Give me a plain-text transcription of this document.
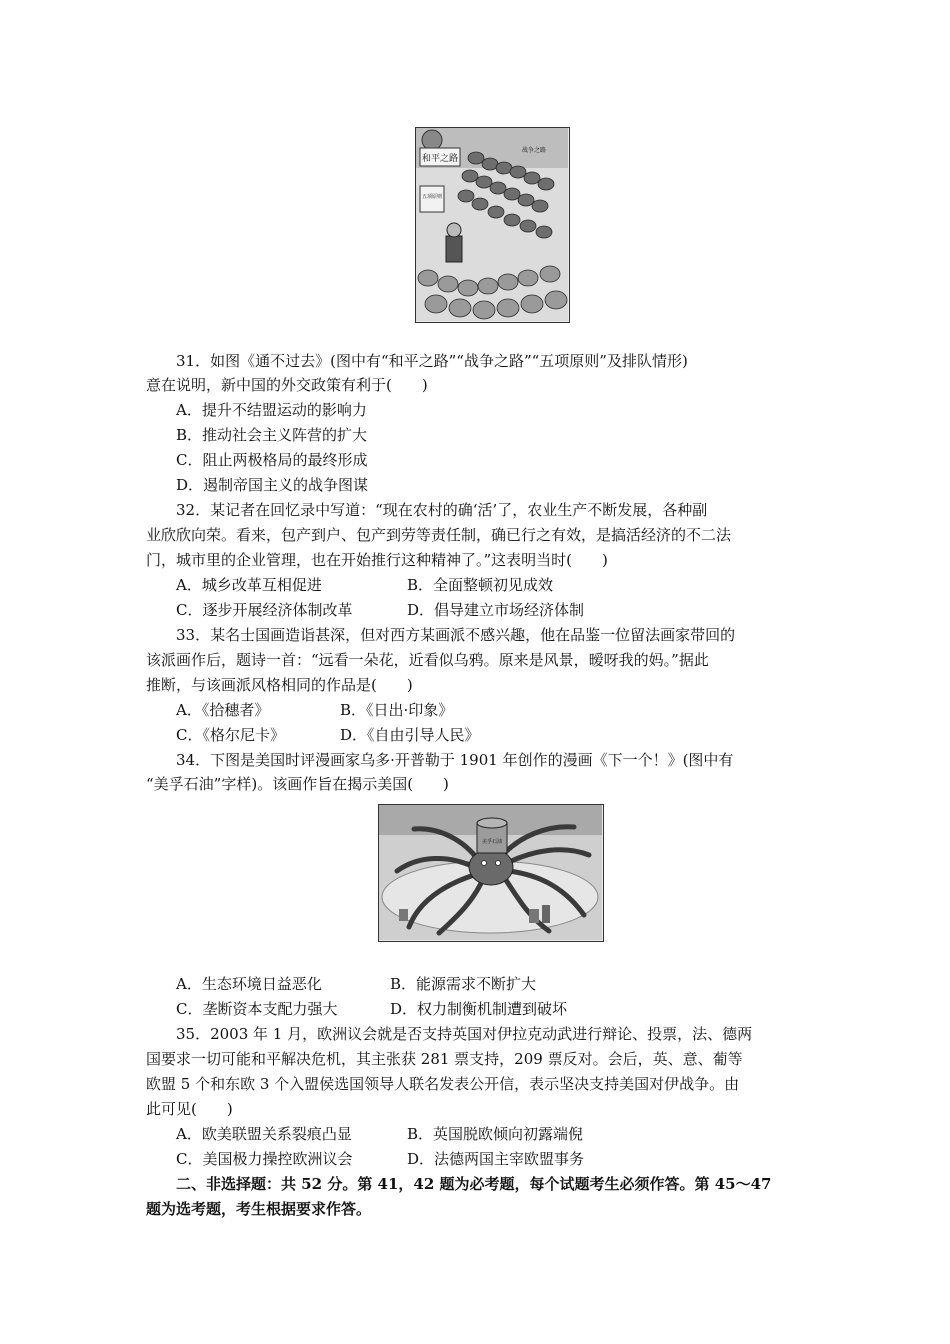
和平之路
五项原则
战争之路
31．如图《通不过去》(图中有“和平之路”“战争之路”“五项原则”及排队情形)
意在说明，新中国的外交政策有利于(　　)
A．提升不结盟运动的影响力
B．推动社会主义阵营的扩大
C．阻止两极格局的最终形成
D．遏制帝国主义的战争图谋
32．某记者在回忆录中写道：“现在农村的确‘活’了，农业生产不断发展，各种副
业欣欣向荣。看来，包产到户、包产到劳等责任制，确已行之有效，是搞活经济的不二法
门，城市里的企业管理，也在开始推行这种精神了。”这表明当时(　　)
A．城乡改革互相促进	B．全面整顿初见成效
C．逐步开展经济体制改革	D．倡导建立市场经济体制
33．某名士国画造诣甚深，但对西方某画派不感兴趣，他在品鉴一位留法画家带回的
该派画作后，题诗一首：“远看一朵花，近看似乌鸦。原来是风景，暧呀我的妈。”据此
推断，与该画派风格相同的作品是(　　)
A．《拾穗者》	B．《日出·印象》
C．《格尔尼卡》	D．《自由引导人民》
34．下图是美国时评漫画家乌多·开普勒于 1901 年创作的漫画《下一个！》(图中有
“美孚石油”字样)。该画作旨在揭示美国(　　)
美孚石油
A．生态环境日益恶化	B．能源需求不断扩大
C．垄断资本支配力强大	D．权力制衡机制遭到破坏
35．2003 年 1 月，欧洲议会就是否支持英国对伊拉克动武进行辩论、投票，法、德两
国要求一切可能和平解决危机，其主张获 281 票支持，209 票反对。会后，英、意、葡等
欧盟 5 个和东欧 3 个入盟侯选国领导人联名发表公开信，表示坚决支持美国对伊战争。由
此可见(　　)
A．欧美联盟关系裂痕凸显	B．英国脱欧倾向初露端倪
C．美国极力操控欧洲议会	D．法德两国主宰欧盟事务
二、非选择题：共 52 分。第 41，42 题为必考题，每个试题考生必须作答。第 45～47
题为选考题，考生根据要求作答。
